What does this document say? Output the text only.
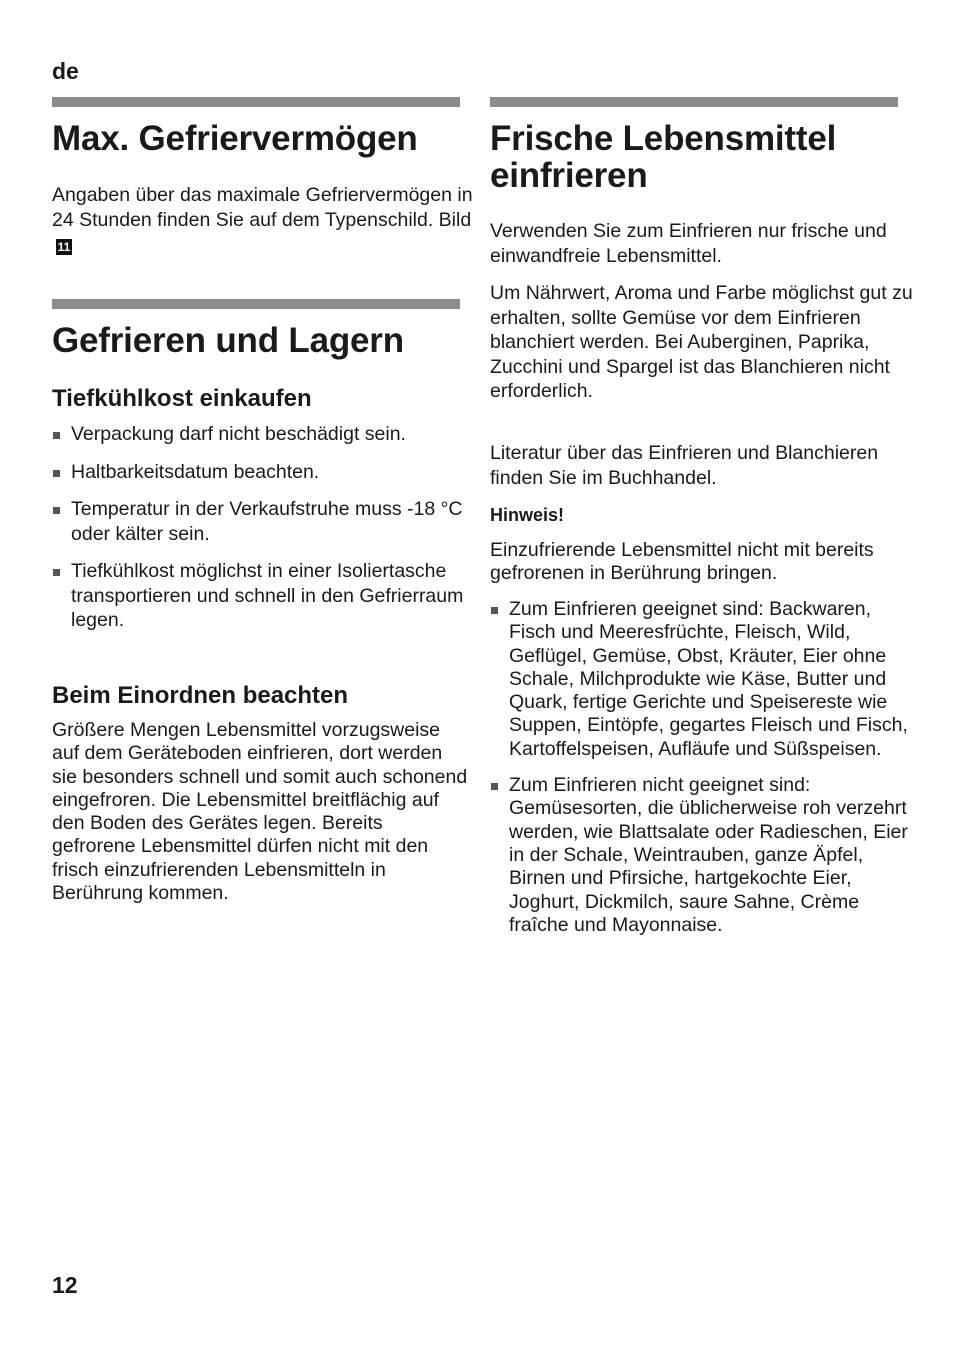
de
Max. Gefriervermögen
Angaben über das maximale Gefriervermögen in 24 Stunden finden Sie auf dem Typenschild. Bild11
Gefrieren und Lagern
Tiefkühlkost einkaufen
Verpackung darf nicht beschädigt sein.
Haltbarkeitsdatum beachten.
Temperatur in der Verkaufstruhe muss -18 °C oder kälter sein.
Tiefkühlkost möglichst in einer Isoliertasche transportieren und schnell in den Gefrierraum legen.
Beim Einordnen beachten
Größere Mengen Lebensmittel vorzugsweise auf dem Geräteboden einfrieren, dort werden sie besonders schnell und somit auch schonend eingefroren. Die Lebensmittel breitflächig auf den Boden des Gerätes legen. Bereits gefrorene Lebensmittel dürfen nicht mit den frisch einzufrierenden Lebensmitteln in Berührung kommen.
Frische Lebensmittel einfrieren
Verwenden Sie zum Einfrieren nur frische und einwandfreie Lebensmittel.
Um Nährwert, Aroma und Farbe möglichst gut zu erhalten, sollte Gemüse vor dem Einfrieren blanchiert werden. Bei Auberginen, Paprika, Zucchini und Spargel ist das Blanchieren nicht erforderlich.
Literatur über das Einfrieren und Blanchieren finden Sie im Buchhandel.
Hinweis!
Einzufrierende Lebensmittel nicht mit bereits gefrorenen in Berührung bringen.
Zum Einfrieren geeignet sind: Backwaren, Fisch und Meeresfrüchte, Fleisch, Wild, Geflügel, Gemüse, Obst, Kräuter, Eier ohne Schale, Milchprodukte wie Käse, Butter und Quark, fertige Gerichte und Speisereste wie Suppen, Eintöpfe, gegartes Fleisch und Fisch, Kartoffelspeisen, Aufläufe und Süßspeisen.
Zum Einfrieren nicht geeignet sind: Gemüsesorten, die üblicherweise roh verzehrt werden, wie Blattsalate oder Radieschen, Eier in der Schale, Weintrauben, ganze Äpfel, Birnen und Pfirsiche, hartgekochte Eier, Joghurt, Dickmilch, saure Sahne, Crème fraîche und Mayonnaise.
12
